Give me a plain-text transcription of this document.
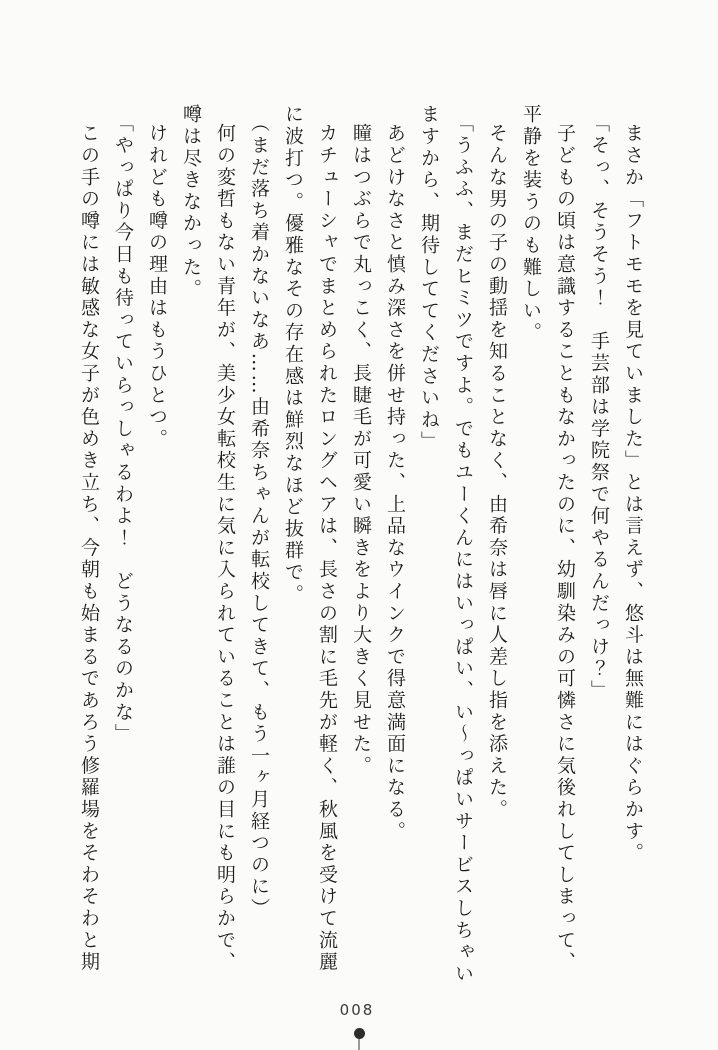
まさか「フトモモを見ていました」とは言えず、悠斗は無難にはぐらかす。
「そっ、そうそう！　手芸部は学院祭で何やるんだっけ？」
子どもの頃は意識することもなかったのに、幼馴染みの可憐さに気後れしてしまって、
平静を装うのも難しい。
そんな男の子の動揺を知ることなく、由希奈は唇に人差し指を添えた。
「うふふ、まだヒミツですよ。でもユーくんにはいっぱい、い〜っぱいサービスしちゃい
ますから、期待しててくださいね」
あどけなさと慎み深さを併せ持った、上品なウインクで得意満面になる。
瞳はつぶらで丸っこく、長睫毛が可愛い瞬きをより大きく見せた。
カチューシャでまとめられたロングヘアは、長さの割に毛先が軽く、秋風を受けて流麗
に波打つ。優雅なその存在感は鮮烈なほど抜群で。
（まだ落ち着かないなあ……由希奈ちゃんが転校してきて、もう一ヶ月経つのに）
何の変哲もない青年が、美少女転校生に気に入られていることは誰の目にも明らかで、
噂は尽きなかった。
けれども噂の理由はもうひとつ。
「やっぱり今日も待っていらっしゃるわよ！　どうなるのかな」
この手の噂には敏感な女子が色めき立ち、今朝も始まるであろう修羅場をそわそわと期
008
